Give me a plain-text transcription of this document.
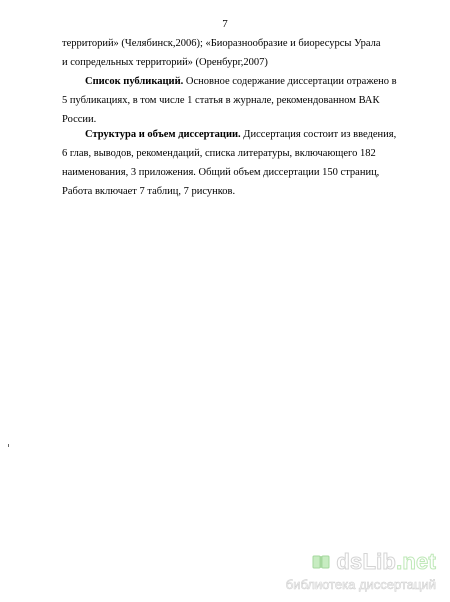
7
территорий» (Челябинск,2006); «Биоразнообразие и биоресурсы Урала
и сопредельных территорий» (Оренбург,2007)
Список публикаций. Основное содержание диссертации отражено в
5 публикациях, в том числе 1 статья в журнале, рекомендованном ВАК
России.
Структура и объем диссертации. Диссертация состоит из введения,
6 глав, выводов, рекомендаций, списка литературы, включающего 182
наименования, 3 приложения. Общий объем диссертации 150 страниц,
Работа включает 7 таблиц, 7 рисунков.
dsLib.net
библиотека диссертаций
